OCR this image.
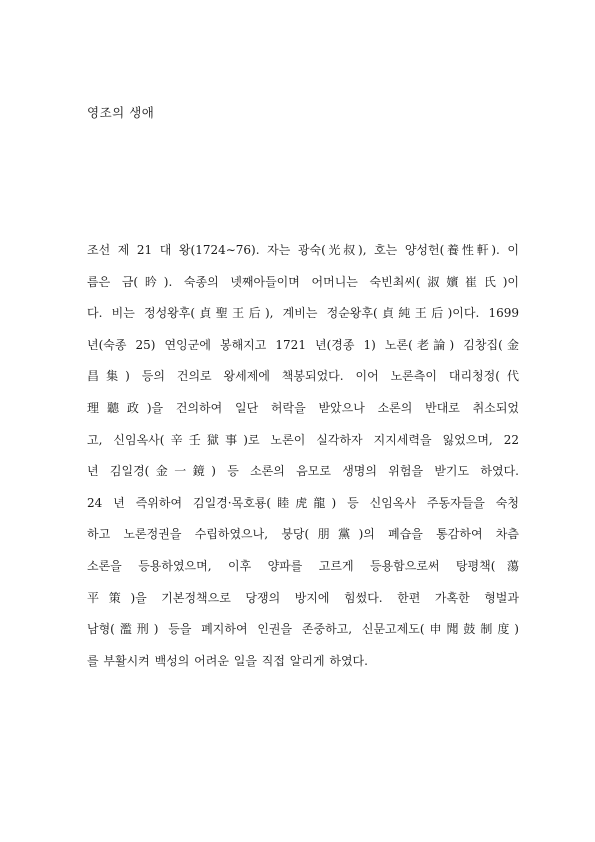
영조의 생애
조선 제 21 대 왕(1724∼76). 자는 광숙(光叔), 호는 양성헌(養性軒). 이
름은 금(昑). 숙종의 넷째아들이며 어머니는 숙빈최씨(淑嬪崔氏)이
다. 비는 정성왕후(貞聖王后), 계비는 정순왕후(貞純王后)이다. 1699
년(숙종 25) 연잉군에 봉해지고 1721 년(경종 1) 노론(老論) 김창집(金
昌集) 등의 건의로 왕세제에 책봉되었다. 이어 노론측이 대리청정(代
理聽政)을 건의하여 일단 허락을 받았으나 소론의 반대로 취소되었
고, 신임옥사(辛壬獄事)로 노론이 실각하자 지지세력을 잃었으며, 22
년 김일경(金一鏡) 등 소론의 음모로 생명의 위험을 받기도 하였다.
24 년 즉위하여 김일경·목호룡(睦虎龍) 등 신임옥사 주동자들을 숙청
하고 노론정권을 수립하였으나, 붕당(朋黨)의 폐습을 통감하여 차츰
소론을 등용하였으며, 이후 양파를 고르게 등용함으로써 탕평책(蕩
平策)을 기본정책으로 당쟁의 방지에 힘썼다. 한편 가혹한 형벌과
남형(濫刑) 등을 폐지하여 인권을 존중하고, 신문고제도(申聞鼓制度)
를 부활시켜 백성의 어려운 일을 직접 알리게 하였다.
